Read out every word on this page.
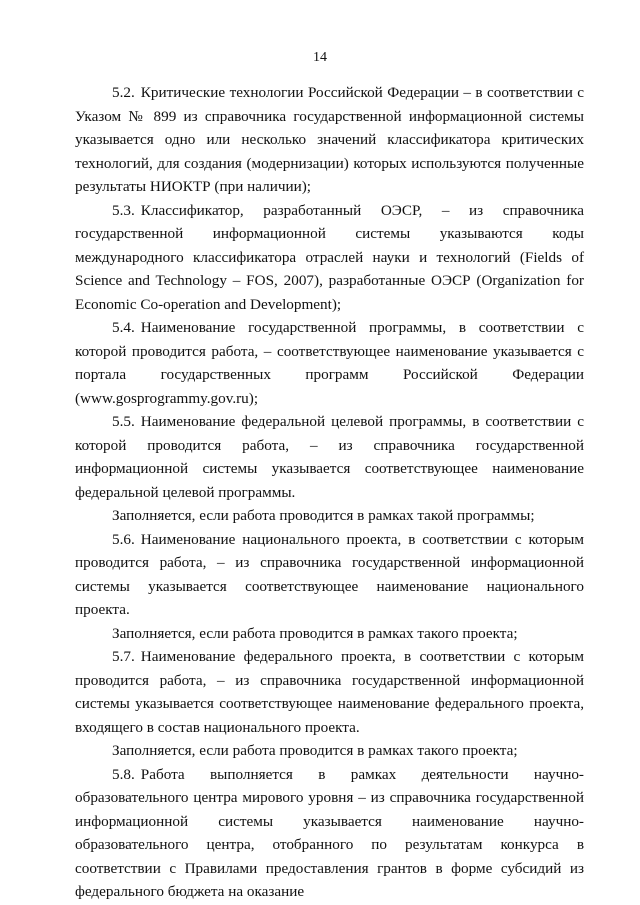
14

5.2. Критические технологии Российской Федерации – в соответствии с Указом № 899 из справочника государственной информационной системы указывается одно или несколько значений классификатора критических технологий, для создания (модернизации) которых используются полученные результаты НИОКТР (при наличии);

5.3. Классификатор, разработанный ОЭСР, – из справочника государственной информационной системы указываются коды международного классификатора отраслей науки и технологий (Fields of Science and Technology – FOS, 2007), разработанные ОЭСР (Organization for Economic Co-operation and Development);

5.4. Наименование государственной программы, в соответствии с которой проводится работа, – соответствующее наименование указывается с портала государственных программ Российской Федерации (www.gosprogrammy.gov.ru);

5.5. Наименование федеральной целевой программы, в соответствии с которой проводится работа, – из справочника государственной информационной системы указывается соответствующее наименование федеральной целевой программы.

Заполняется, если работа проводится в рамках такой программы;

5.6. Наименование национального проекта, в соответствии с которым проводится работа, – из справочника государственной информационной системы указывается соответствующее наименование национального проекта.

Заполняется, если работа проводится в рамках такого проекта;

5.7. Наименование федерального проекта, в соответствии с которым проводится работа, – из справочника государственной информационной системы указывается соответствующее наименование федерального проекта, входящего в состав национального проекта.

Заполняется, если работа проводится в рамках такого проекта;

5.8. Работа выполняется в рамках деятельности научно-образовательного центра мирового уровня – из справочника государственной информационной системы указывается наименование научно-образовательного центра, отобранного по результатам конкурса в соответствии с Правилами предоставления грантов в форме субсидий из федерального бюджета на оказание
